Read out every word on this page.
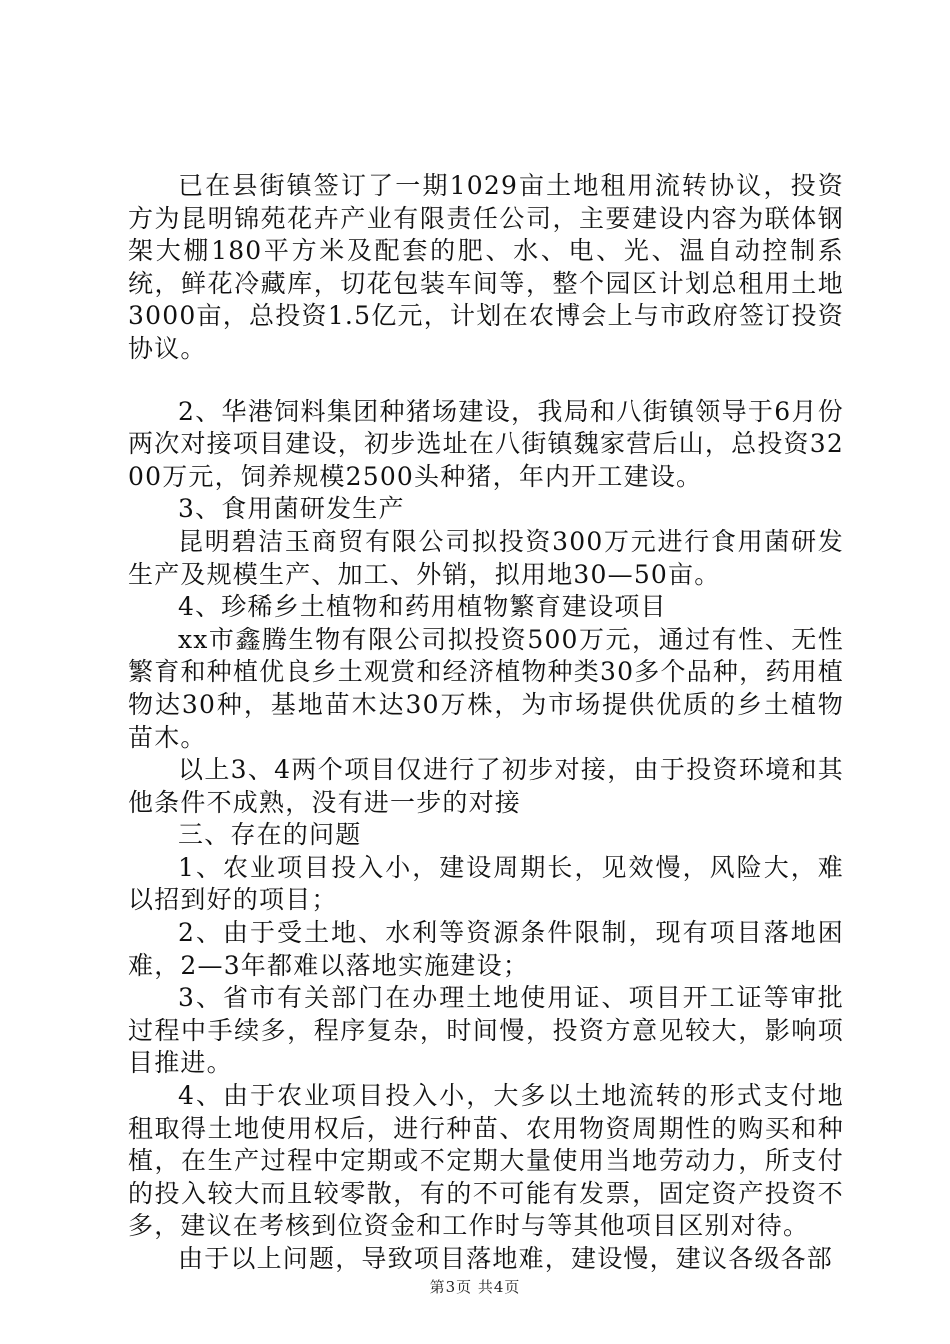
已在县街镇签订了一期1029亩土地租用流转协议，投资方为昆明锦苑花卉产业有限责任公司，主要建设内容为联体钢架大棚180平方米及配套的肥、水、电、光、温自动控制系统，鲜花冷藏库，切花包装车间等，整个园区计划总租用土地3000亩，总投资1.5亿元，计划在农博会上与市政府签订投资协议。

2、华港饲料集团种猪场建设，我局和八街镇领导于6月份两次对接项目建设，初步选址在八街镇魏家营后山，总投资3200万元，饲养规模2500头种猪，年内开工建设。

3、食用菌研发生产

昆明碧洁玉商贸有限公司拟投资300万元进行食用菌研发生产及规模生产、加工、外销，拟用地30—50亩。

4、珍稀乡土植物和药用植物繁育建设项目

xx市鑫腾生物有限公司拟投资500万元，通过有性、无性繁育和种植优良乡土观赏和经济植物种类30多个品种，药用植物达30种，基地苗木达30万株，为市场提供优质的乡土植物苗木。

以上3、4两个项目仅进行了初步对接，由于投资环境和其他条件不成熟，没有进一步的对接

三、存在的问题

1、农业项目投入小，建设周期长，见效慢，风险大，难以招到好的项目；

2、由于受土地、水利等资源条件限制，现有项目落地困难，2—3年都难以落地实施建设；

3、省市有关部门在办理土地使用证、项目开工证等审批过程中手续多，程序复杂，时间慢，投资方意见较大，影响项目推进。

4、由于农业项目投入小，大多以土地流转的形式支付地租取得土地使用权后，进行种苗、农用物资周期性的购买和种植，在生产过程中定期或不定期大量使用当地劳动力，所支付的投入较大而且较零散，有的不可能有发票，固定资产投资不多，建议在考核到位资金和工作时与等其他项目区别对待。

由于以上问题，导致项目落地难，建设慢，建议各级各部

第3页 共4页
